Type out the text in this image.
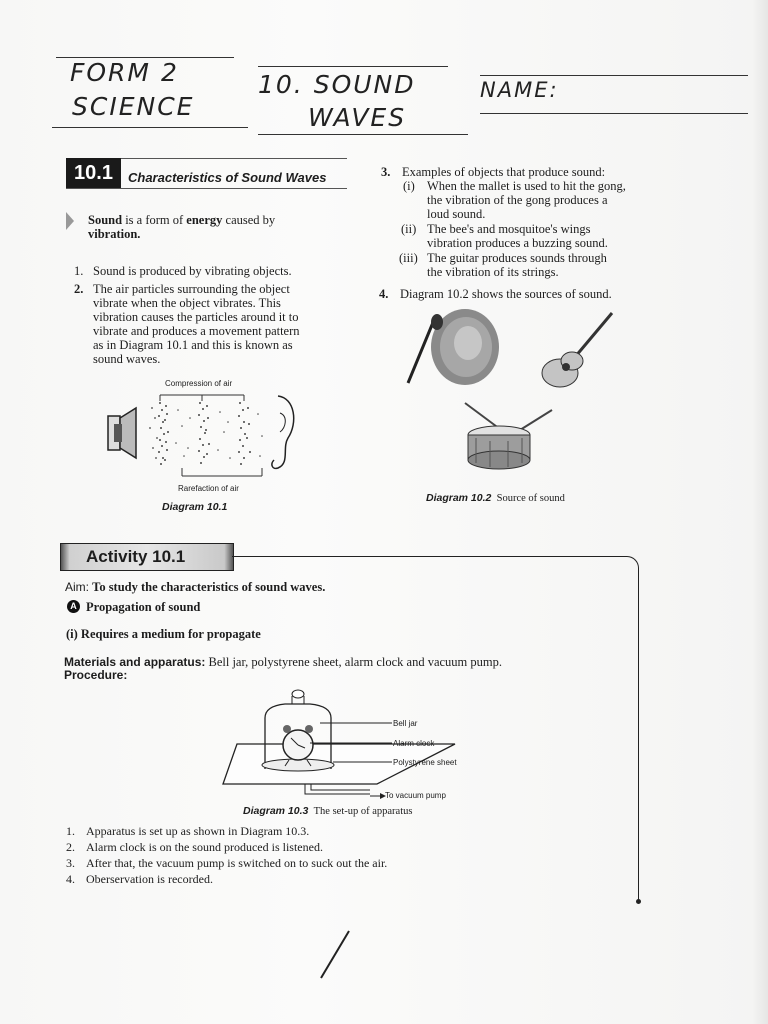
FORM 2
SCIENCE
10. SOUND
WAVES
NAME:
10.1	Characteristics of Sound Waves
Sound is a form of energy caused by
vibration.
1. Sound is produced by vibrating objects.
2. The air particles surrounding the object
vibrate when the object vibrates. This
vibration causes the particles around it to
vibrate and produces a movement pattern
as in Diagram 10.1 and this is known as
sound waves.
Compression of air
Rarefaction of air
Diagram 10.1
3. Examples of objects that produce sound:
(i) When the mallet is used to hit the gong,
the vibration of the gong produces a
loud sound.
(ii) The bee's and mosquitoe's wings
vibration produces a buzzing sound.
(iii) The guitar produces sounds through
the vibration of its strings.
4. Diagram 10.2 shows the sources of sound.
Diagram 10.2 Source of sound
Activity 10.1
Aim: To study the characteristics of sound waves.
A Propagation of sound
(i) Requires a medium for propagate
Materials and apparatus: Bell jar, polystyrene sheet, alarm clock and vacuum pump.
Procedure:
Bell jar
Alarm clock
Polystyrene sheet
To vacuum pump
Diagram 10.3 The set-up of apparatus
1. Apparatus is set up as shown in Diagram 10.3.
2. Alarm clock is on the sound produced is listened.
3. After that, the vacuum pump is switched on to suck out the air.
4. Oberservation is recorded.
